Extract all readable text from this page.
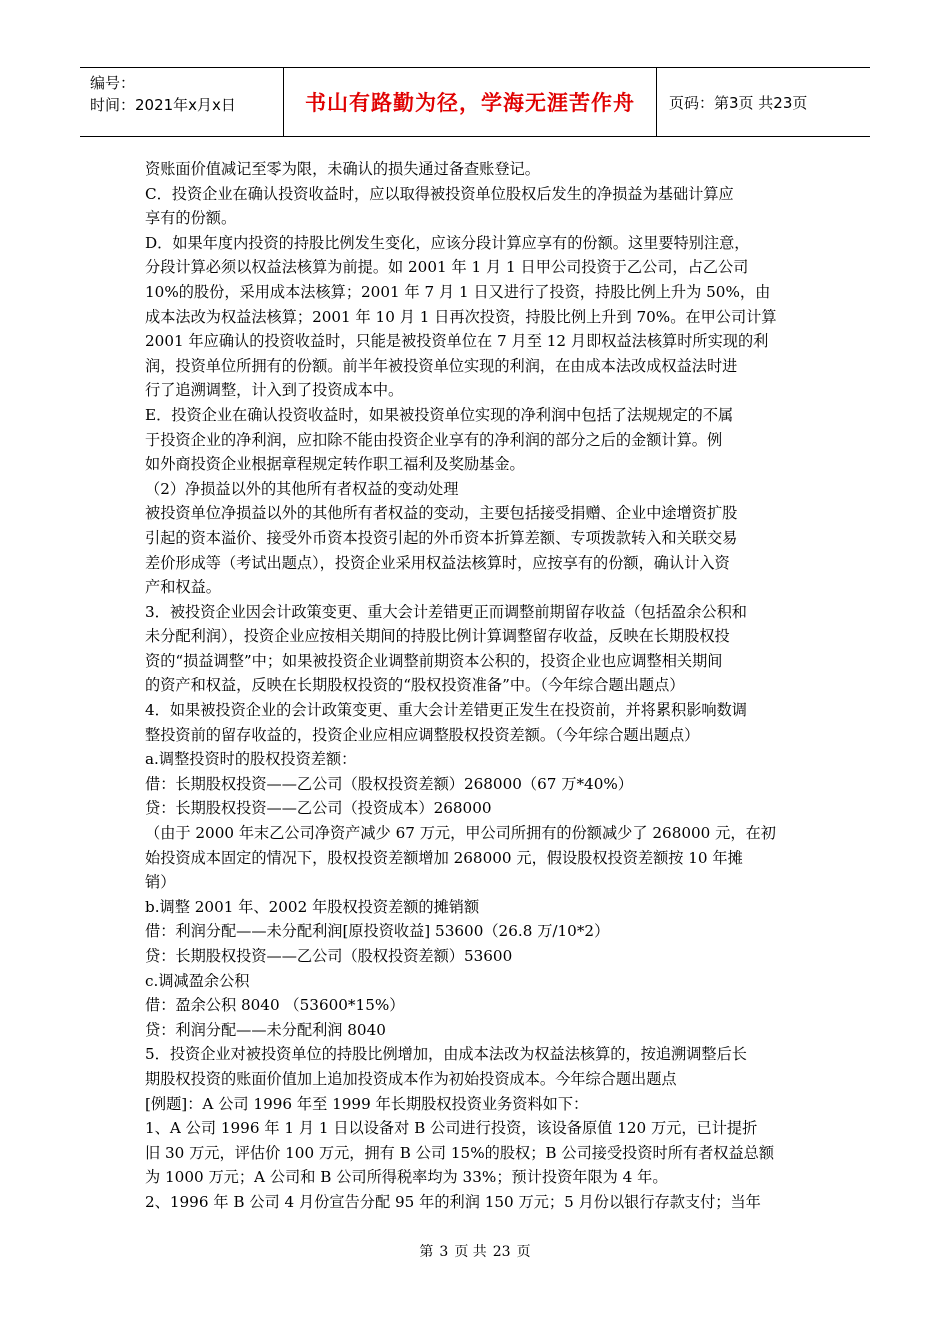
编号：
时间：2021年x月x日	书山有路勤为径，学海无涯苦作舟	页码：第3页 共23页
资账面价值减记至零为限，未确认的损失通过备查账登记。
C．投资企业在确认投资收益时，应以取得被投资单位股权后发生的净损益为基础计算应
享有的份额。
D．如果年度内投资的持股比例发生变化，应该分段计算应享有的份额。这里要特别注意，
分段计算必须以权益法核算为前提。如 2001 年 1 月 1 日甲公司投资于乙公司，占乙公司
10%的股份，采用成本法核算；2001 年 7 月 1 日又进行了投资，持股比例上升为 50%，由
成本法改为权益法核算；2001 年 10 月 1 日再次投资，持股比例上升到 70%。在甲公司计算
2001 年应确认的投资收益时，只能是被投资单位在 7 月至 12 月即权益法核算时所实现的利
润，投资单位所拥有的份额。前半年被投资单位实现的利润，在由成本法改成权益法时进
行了追溯调整，计入到了投资成本中。
E．投资企业在确认投资收益时，如果被投资单位实现的净利润中包括了法规规定的不属
于投资企业的净利润，应扣除不能由投资企业享有的净利润的部分之后的金额计算。例
如外商投资企业根据章程规定转作职工福利及奖励基金。
（2）净损益以外的其他所有者权益的变动处理
被投资单位净损益以外的其他所有者权益的变动，主要包括接受捐赠、企业中途增资扩股
引起的资本溢价、接受外币资本投资引起的外币资本折算差额、专项拨款转入和关联交易
差价形成等（考试出题点），投资企业采用权益法核算时，应按享有的份额，确认计入资
产和权益。
3．被投资企业因会计政策变更、重大会计差错更正而调整前期留存收益（包括盈余公积和
未分配利润），投资企业应按相关期间的持股比例计算调整留存收益，反映在长期股权投
资的“损益调整”中；如果被投资企业调整前期资本公积的，投资企业也应调整相关期间
的资产和权益，反映在长期股权投资的“股权投资准备”中。（今年综合题出题点）
4．如果被投资企业的会计政策变更、重大会计差错更正发生在投资前，并将累积影响数调
整投资前的留存收益的，投资企业应相应调整股权投资差额。（今年综合题出题点）
a.调整投资时的股权投资差额：
借：长期股权投资——乙公司（股权投资差额）268000（67 万*40%）
贷：长期股权投资——乙公司（投资成本）268000
（由于 2000 年末乙公司净资产减少 67 万元，甲公司所拥有的份额减少了 268000 元，在初
始投资成本固定的情况下，股权投资差额增加 268000 元，假设股权投资差额按 10 年摊
销）
b.调整 2001 年、2002 年股权投资差额的摊销额
借：利润分配——未分配利润[原投资收益] 53600（26.8 万/10*2）
贷：长期股权投资——乙公司（股权投资差额）53600
c.调减盈余公积
借：盈余公积 8040 （53600*15%）
贷：利润分配——未分配利润 8040
5．投资企业对被投资单位的持股比例增加，由成本法改为权益法核算的，按追溯调整后长
期股权投资的账面价值加上追加投资成本作为初始投资成本。今年综合题出题点
[例题]：A 公司 1996 年至 1999 年长期股权投资业务资料如下：
1、A 公司 1996 年 1 月 1 日以设备对 B 公司进行投资，该设备原值 120 万元，已计提折
旧 30 万元，评估价 100 万元，拥有 B 公司 15%的股权；B 公司接受投资时所有者权益总额
为 1000 万元；A 公司和 B 公司所得税率均为 33%；预计投资年限为 4 年。
2、1996 年 B 公司 4 月份宣告分配 95 年的利润 150 万元；5 月份以银行存款支付；当年
第 3 页 共 23 页
